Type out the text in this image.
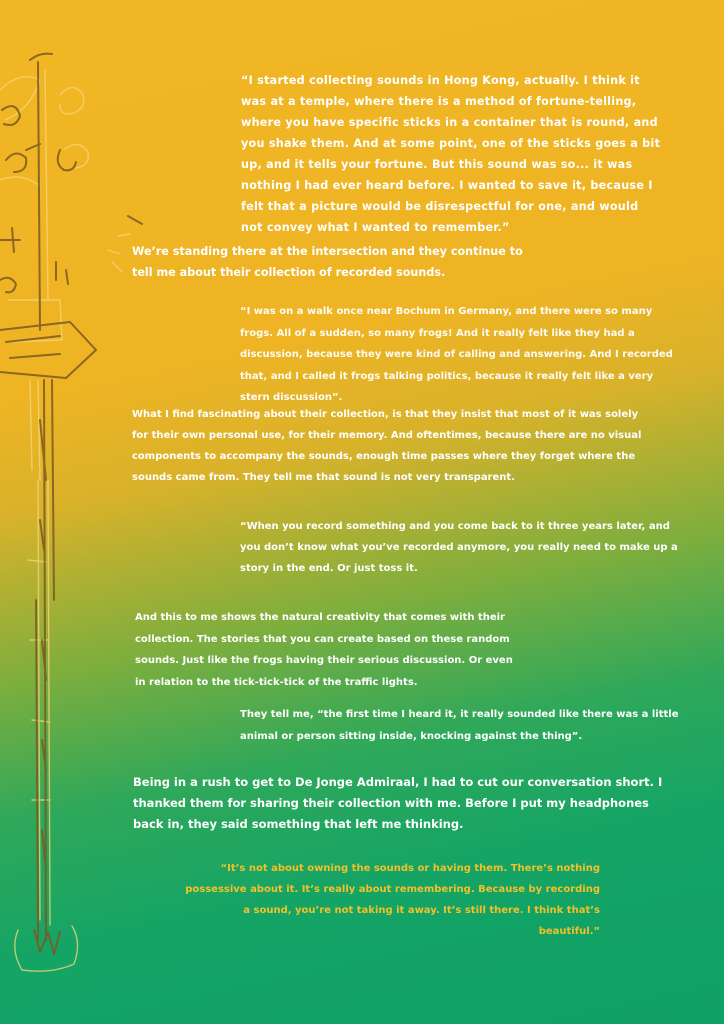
“I started collecting sounds in Hong Kong, actually. I think it was at a temple, where there is a method of fortune-telling, where you have specific sticks in a container that is round, and you shake them. And at some point, one of the sticks goes a bit up, and it tells your fortune. But this sound was so... it was nothing I had ever heard before. I wanted to save it, because I felt that a picture would be disrespectful for one, and would not convey what I wanted to remember.”

We’re standing there at the intersection and they continue to tell me about their collection of recorded sounds.

“I was on a walk once near Bochum in Germany, and there were so many frogs. All of a sudden, so many frogs! And it really felt like they had a discussion, because they were kind of calling and answering. And I recorded that, and I called it frogs talking politics, because it really felt like a very stern discussion”.

What I find fascinating about their collection, is that they insist that most of it was solely for their own personal use, for their memory. And oftentimes, because there are no visual components to accompany the sounds, enough time passes where they forget where the sounds came from. They tell me that sound is not very transparent.

“When you record something and you come back to it three years later, and you don’t know what you’ve recorded anymore, you really need to make up a story in the end. Or just toss it.

And this to me shows the natural creativity that comes with their collection. The stories that you can create based on these random sounds. Just like the frogs having their serious discussion. Or even in relation to the tick-tick-tick of the traffic lights.

They tell me, “the first time I heard it, it really sounded like there was a little animal or person sitting inside, knocking against the thing”.

Being in a rush to get to De Jonge Admiraal, I had to cut our conversation short. I thanked them for sharing their collection with me. Before I put my headphones back in, they said something that left me thinking.

“It’s not about owning the sounds or having them. There’s nothing possessive about it. It’s really about remembering. Because by recording a sound, you’re not taking it away. It’s still there. I think that’s beautiful.”
